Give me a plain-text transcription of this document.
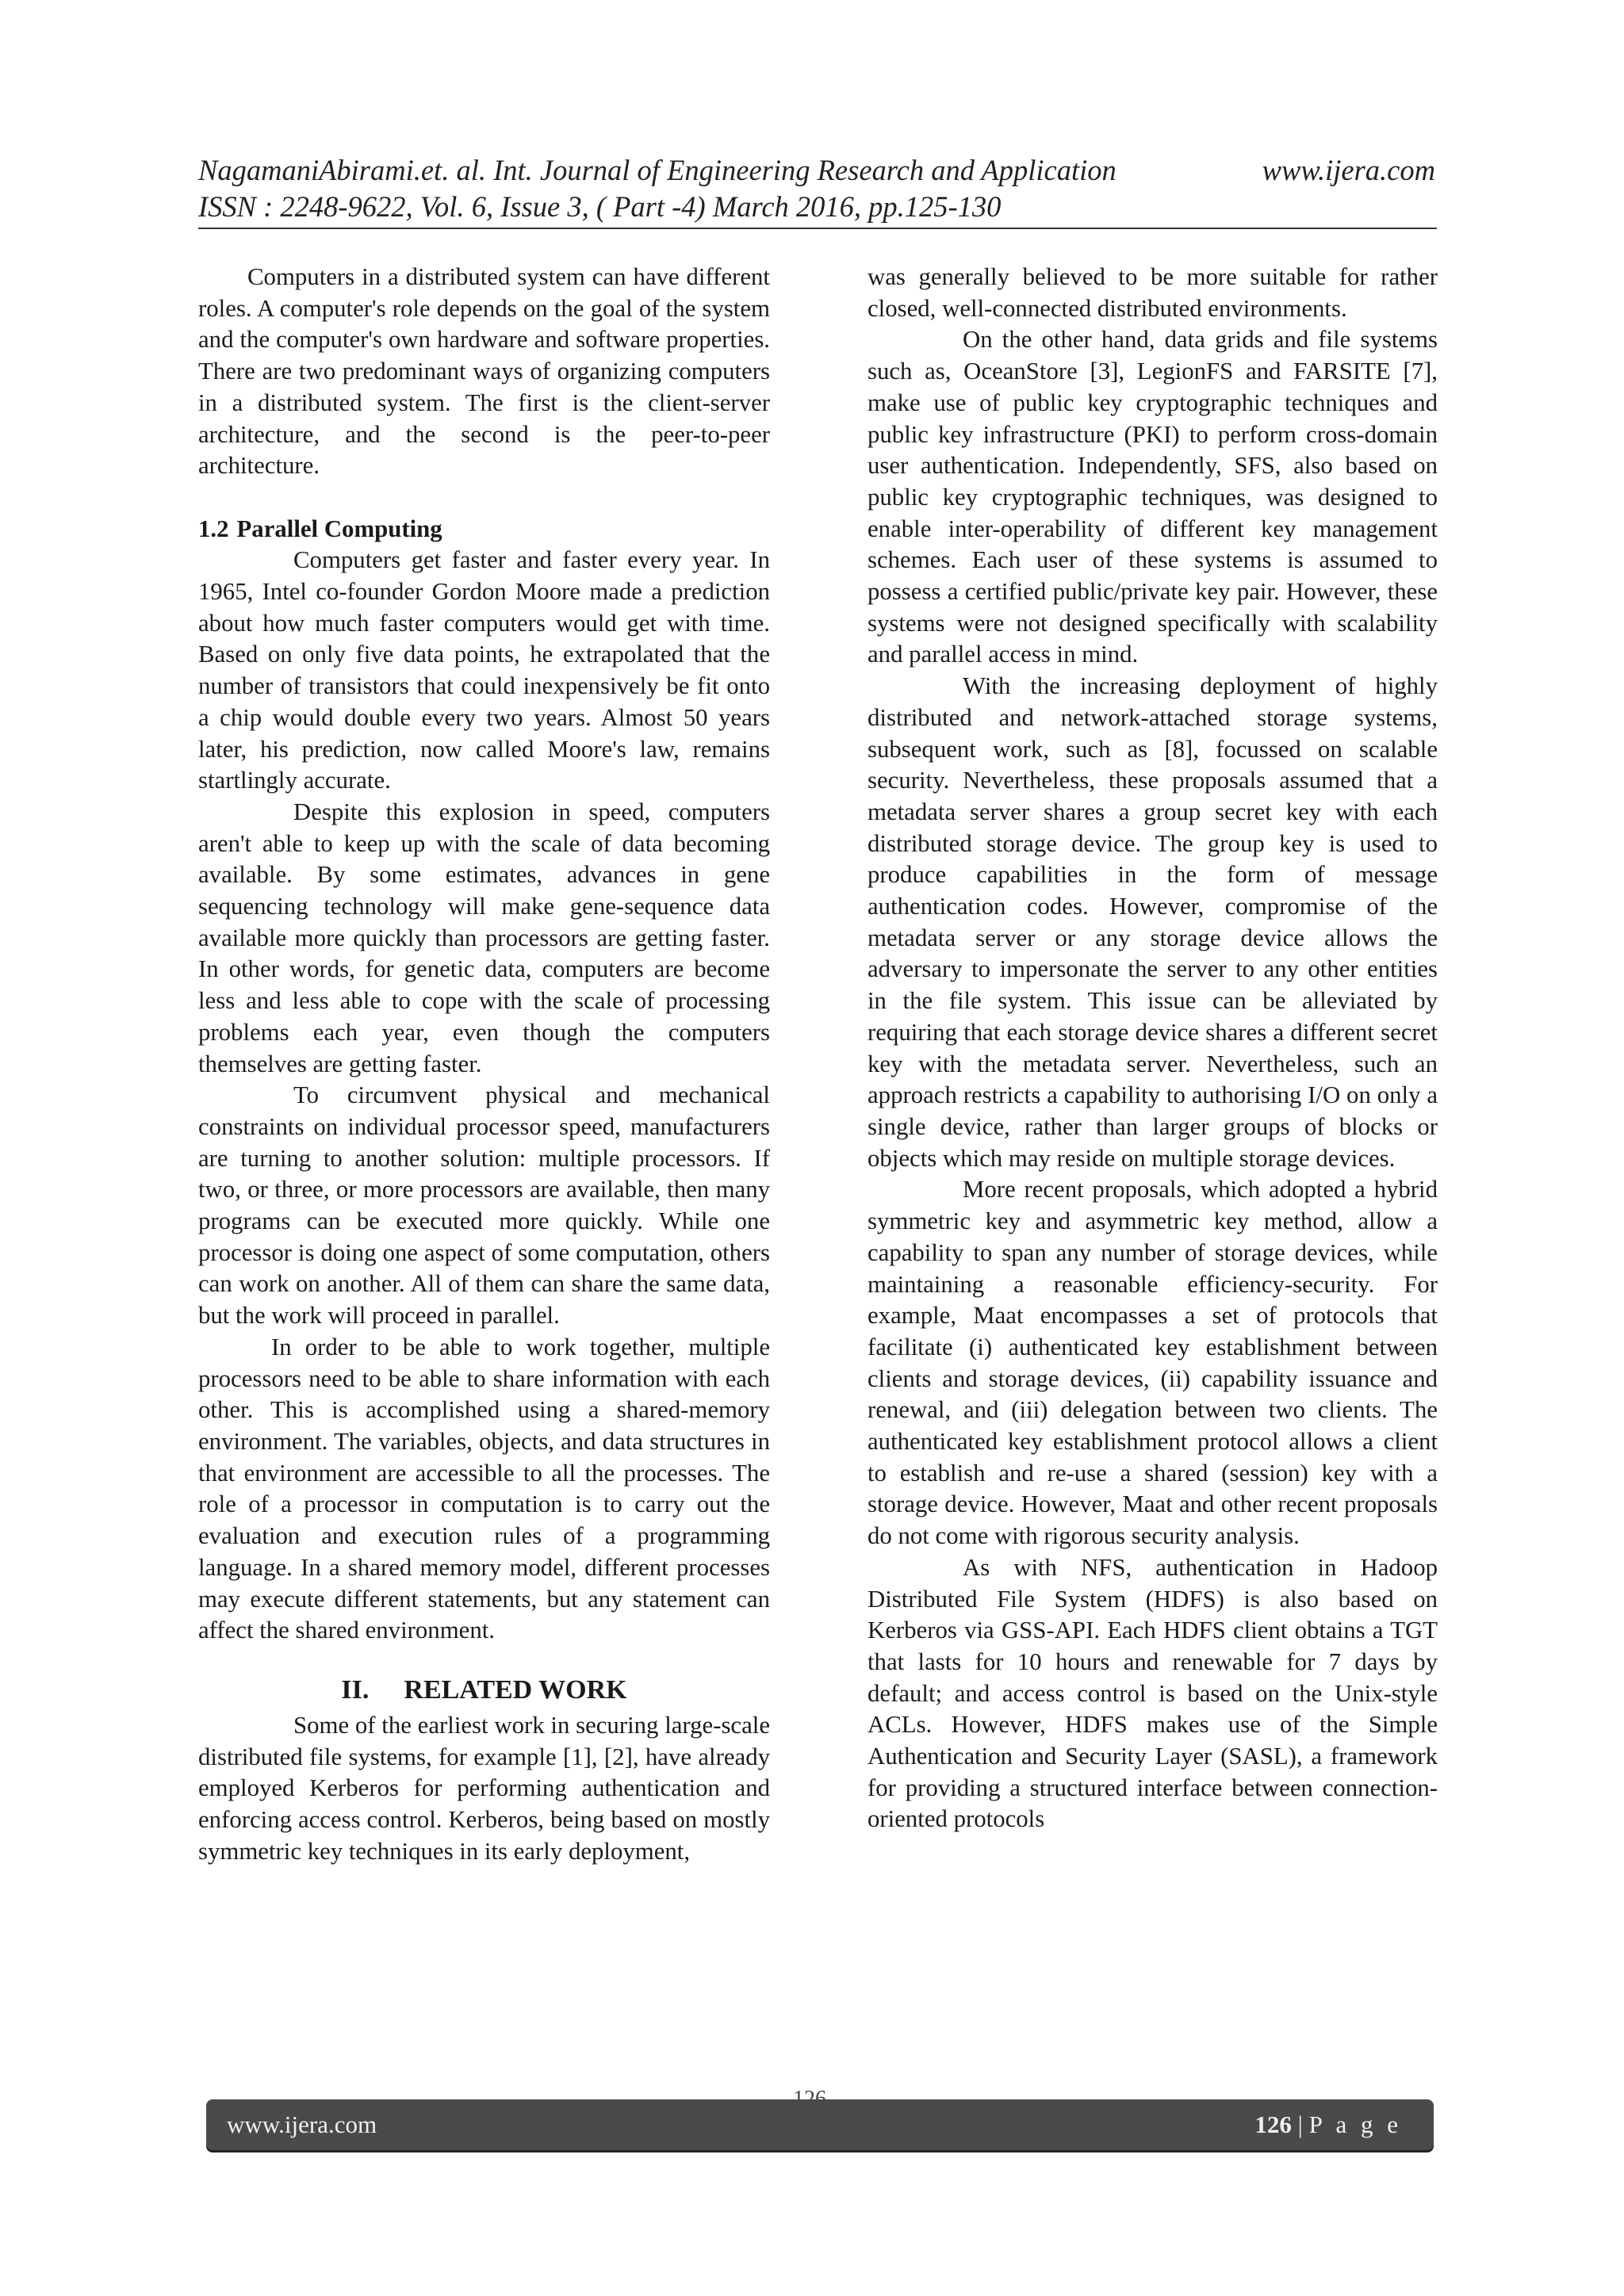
NagamaniAbirami.et. al. Int. Journal of Engineering Research and Application	www.ijera.com
ISSN : 2248-9622, Vol. 6, Issue 3, ( Part -4) March 2016, pp.125-130

Computers in a distributed system can have different roles. A computer's role depends on the goal of the system and the computer's own hardware and software properties. There are two predominant ways of organizing computers in a distributed system. The first is the client-server architecture, and the second is the peer-to-peer architecture.

1.2 Parallel Computing

Computers get faster and faster every year. In 1965, Intel co-founder Gordon Moore made a prediction about how much faster computers would get with time. Based on only five data points, he extrapolated that the number of transistors that could inexpensively be fit onto a chip would double every two years. Almost 50 years later, his prediction, now called Moore's law, remains startlingly accurate.

Despite this explosion in speed, computers aren't able to keep up with the scale of data becoming available. By some estimates, advances in gene sequencing technology will make gene-sequence data available more quickly than processors are getting faster. In other words, for genetic data, computers are become less and less able to cope with the scale of processing problems each year, even though the computers themselves are getting faster.

To circumvent physical and mechanical constraints on individual processor speed, manufacturers are turning to another solution: multiple processors. If two, or three, or more processors are available, then many programs can be executed more quickly. While one processor is doing one aspect of some computation, others can work on another. All of them can share the same data, but the work will proceed in parallel.

In order to be able to work together, multiple processors need to be able to share information with each other. This is accomplished using a shared-memory environment. The variables, objects, and data structures in that environment are accessible to all the processes. The role of a processor in computation is to carry out the evaluation and execution rules of a programming language. In a shared memory model, different processes may execute different statements, but any statement can affect the shared environment.

II. RELATED WORK

Some of the earliest work in securing large-scale distributed file systems, for example [1], [2], have already employed Kerberos for performing authentication and enforcing access control. Kerberos, being based on mostly symmetric key techniques in its early deployment,

was generally believed to be more suitable for rather closed, well-connected distributed environments.

On the other hand, data grids and file systems such as, OceanStore [3], LegionFS and FARSITE [7], make use of public key cryptographic techniques and public key infrastructure (PKI) to perform cross-domain user authentication. Independently, SFS, also based on public key cryptographic techniques, was designed to enable inter-operability of different key management schemes. Each user of these systems is assumed to possess a certified public/private key pair. However, these systems were not designed specifically with scalability and parallel access in mind.

With the increasing deployment of highly distributed and network-attached storage systems, subsequent work, such as [8], focussed on scalable security. Nevertheless, these proposals assumed that a metadata server shares a group secret key with each distributed storage device. The group key is used to produce capabilities in the form of message authentication codes. However, compromise of the metadata server or any storage device allows the adversary to impersonate the server to any other entities in the file system. This issue can be alleviated by requiring that each storage device shares a different secret key with the metadata server. Nevertheless, such an approach restricts a capability to authorising I/O on only a single device, rather than larger groups of blocks or objects which may reside on multiple storage devices.

More recent proposals, which adopted a hybrid symmetric key and asymmetric key method, allow a capability to span any number of storage devices, while maintaining a reasonable efficiency-security. For example, Maat encompasses a set of protocols that facilitate (i) authenticated key establishment between clients and storage devices, (ii) capability issuance and renewal, and (iii) delegation between two clients. The authenticated key establishment protocol allows a client to establish and re-use a shared (session) key with a storage device. However, Maat and other recent proposals do not come with rigorous security analysis.

As with NFS, authentication in Hadoop Distributed File System (HDFS) is also based on Kerberos via GSS-API. Each HDFS client obtains a TGT that lasts for 10 hours and renewable for 7 days by default; and access control is based on the Unix-style ACLs. However, HDFS makes use of the Simple Authentication and Security Layer (SASL), a framework for providing a structured interface between connection-oriented protocols

www.ijera.com	126 | P a g e
